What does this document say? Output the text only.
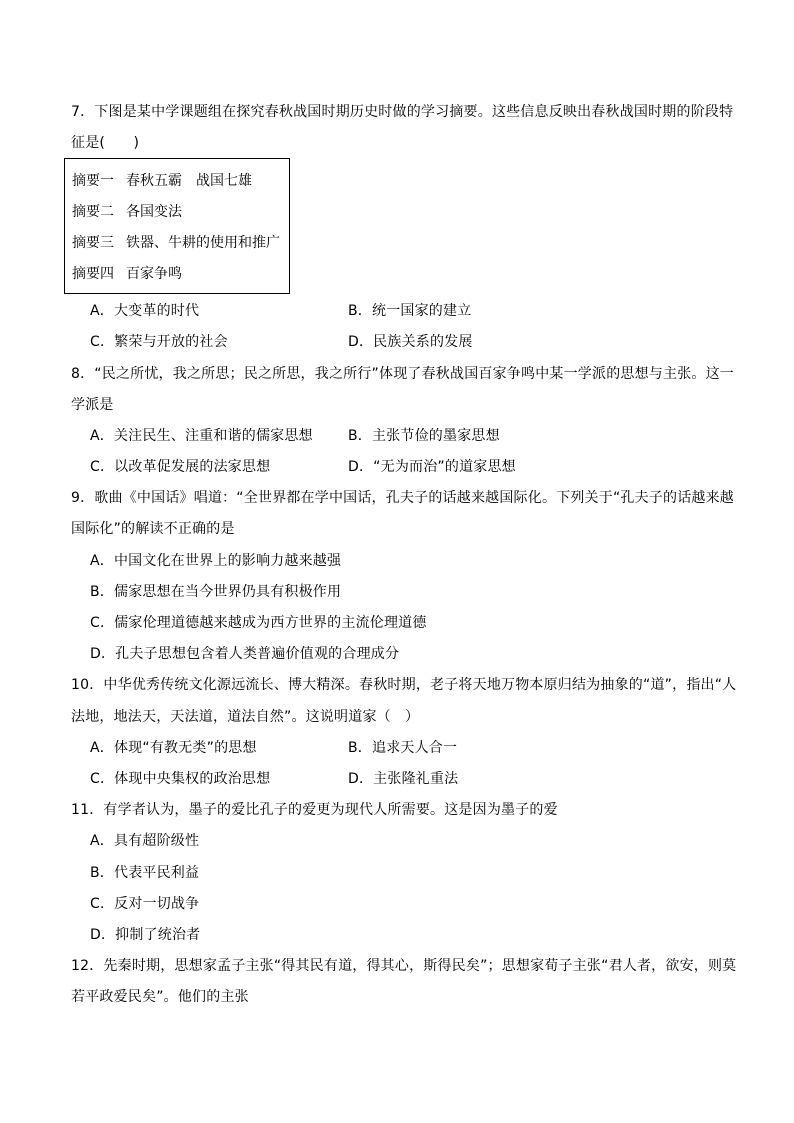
7．下图是某中学课题组在探究春秋战国时期历史时做的学习摘要。这些信息反映出春秋战国时期的阶段特
征是(　　)
摘要一 春秋五霸　战国七雄
摘要二 各国变法
摘要三 铁器、牛耕的使用和推广
摘要四 百家争鸣
A．大变革的时代	B．统一国家的建立
C．繁荣与开放的社会	D．民族关系的发展
8．“民之所忧，我之所思；民之所思，我之所行”体现了春秋战国百家争鸣中某一学派的思想与主张。这一
学派是
A．关注民生、注重和谐的儒家思想	B．主张节俭的墨家思想
C．以改革促发展的法家思想	D．“无为而治”的道家思想
9．歌曲《中国话》唱道：“全世界都在学中国话，孔夫子的话越来越国际化。下列关于“孔夫子的话越来越
国际化”的解读不正确的是
A．中国文化在世界上的影响力越来越强
B．儒家思想在当今世界仍具有积极作用
C．儒家伦理道德越来越成为西方世界的主流伦理道德
D．孔夫子思想包含着人类普遍价值观的合理成分
10．中华优秀传统文化源远流长、博大精深。春秋时期，老子将天地万物本原归结为抽象的“道”，指出“人
法地，地法天，天法道，道法自然”。这说明道家（　）
A．体现“有教无类”的思想	B．追求天人合一
C．体现中央集权的政治思想	D．主张隆礼重法
11．有学者认为，墨子的爱比孔子的爱更为现代人所需要。这是因为墨子的爱
A．具有超阶级性
B．代表平民利益
C．反对一切战争
D．抑制了统治者
12．先秦时期，思想家孟子主张“得其民有道，得其心，斯得民矣”；思想家荀子主张“君人者，欲安，则莫
若平政爱民矣”。他们的主张
